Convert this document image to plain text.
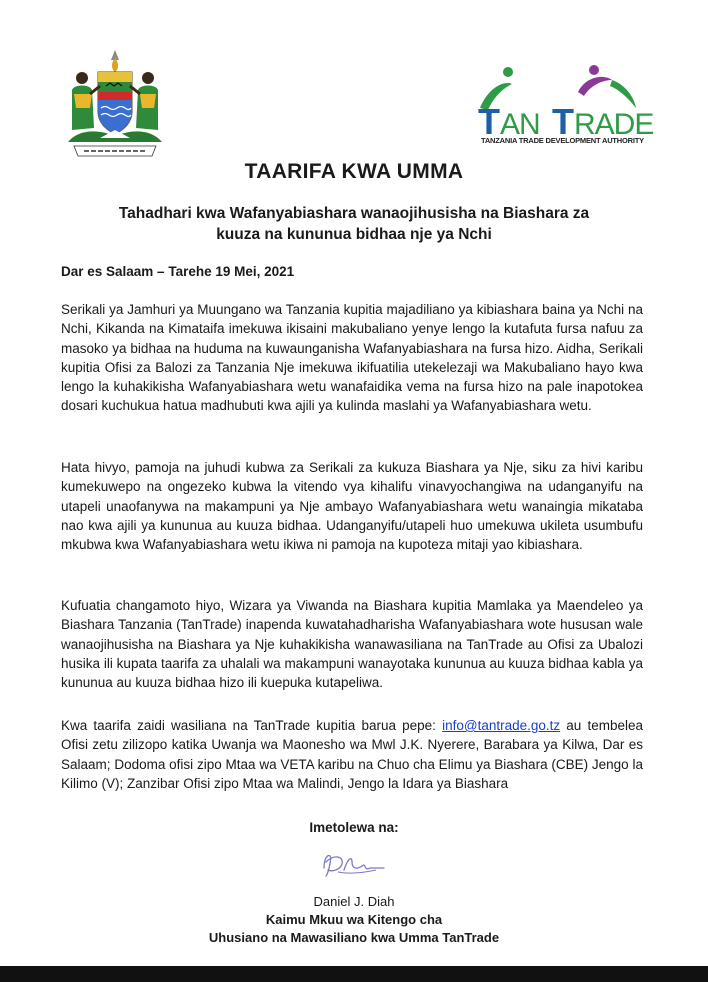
T AN T RADE
TANZANIA TRADE DEVELOPMENT AUTHORITY
TAARIFA KWA UMMA
Tahadhari kwa Wafanyabiashara wanaojihusisha na Biashara za
kuuza na kununua bidhaa nje ya Nchi
Dar es Salaam – Tarehe 19 Mei, 2021

Serikali ya Jamhuri ya Muungano wa Tanzania kupitia majadiliano ya kibiashara baina ya Nchi na Nchi, Kikanda na Kimataifa imekuwa ikisaini makubaliano yenye lengo la kutafuta fursa nafuu za masoko ya bidhaa na huduma na kuwaunganisha Wafanyabiashara na fursa hizo. Aidha, Serikali kupitia Ofisi za Balozi za Tanzania Nje imekuwa ikifuatilia utekelezaji wa Makubaliano hayo kwa lengo la kuhakikisha Wafanyabiashara wetu wanafaidika vema na fursa hizo na pale inapotokea dosari kuchukua hatua madhubuti kwa ajili ya kulinda maslahi ya Wafanyabiashara wetu.

Hata hivyo, pamoja na juhudi kubwa za Serikali za kukuza Biashara ya Nje, siku za hivi karibu kumekuwepo na ongezeko kubwa la vitendo vya kihalifu vinavyochangiwa na udanganyifu na utapeli unaofanywa na makampuni ya Nje ambayo Wafanyabiashara wetu wanaingia mikataba nao kwa ajili ya kununua au kuuza bidhaa. Udanganyifu/utapeli huo umekuwa ukileta usumbufu mkubwa kwa Wafanyabiashara wetu ikiwa ni pamoja na kupoteza mitaji yao kibiashara.

Kufuatia changamoto hiyo, Wizara ya Viwanda na Biashara kupitia Mamlaka ya Maendeleo ya Biashara Tanzania (TanTrade) inapenda kuwatahadharisha Wafanyabiashara wote hususan wale wanaojihusisha na Biashara ya Nje kuhakikisha wanawasiliana na TanTrade au Ofisi za Ubalozi husika ili kupata taarifa za uhalali wa makampuni wanayotaka kununua au kuuza bidhaa kabla ya kununua au kuuza bidhaa hizo ili kuepuka kutapeliwa.

Kwa taarifa zaidi wasiliana na TanTrade kupitia barua pepe: info@tantrade.go.tz au tembelea Ofisi zetu zilizopo katika Uwanja wa Maonesho wa Mwl J.K. Nyerere, Barabara ya Kilwa, Dar es Salaam; Dodoma ofisi zipo Mtaa wa VETA karibu na Chuo cha Elimu ya Biashara (CBE) Jengo la Kilimo (V); Zanzibar Ofisi zipo Mtaa wa Malindi, Jengo la Idara ya Biashara

Imetolewa na:
Daniel J. Diah
Kaimu Mkuu wa Kitengo cha
Uhusiano na Mawasiliano kwa Umma TanTrade
